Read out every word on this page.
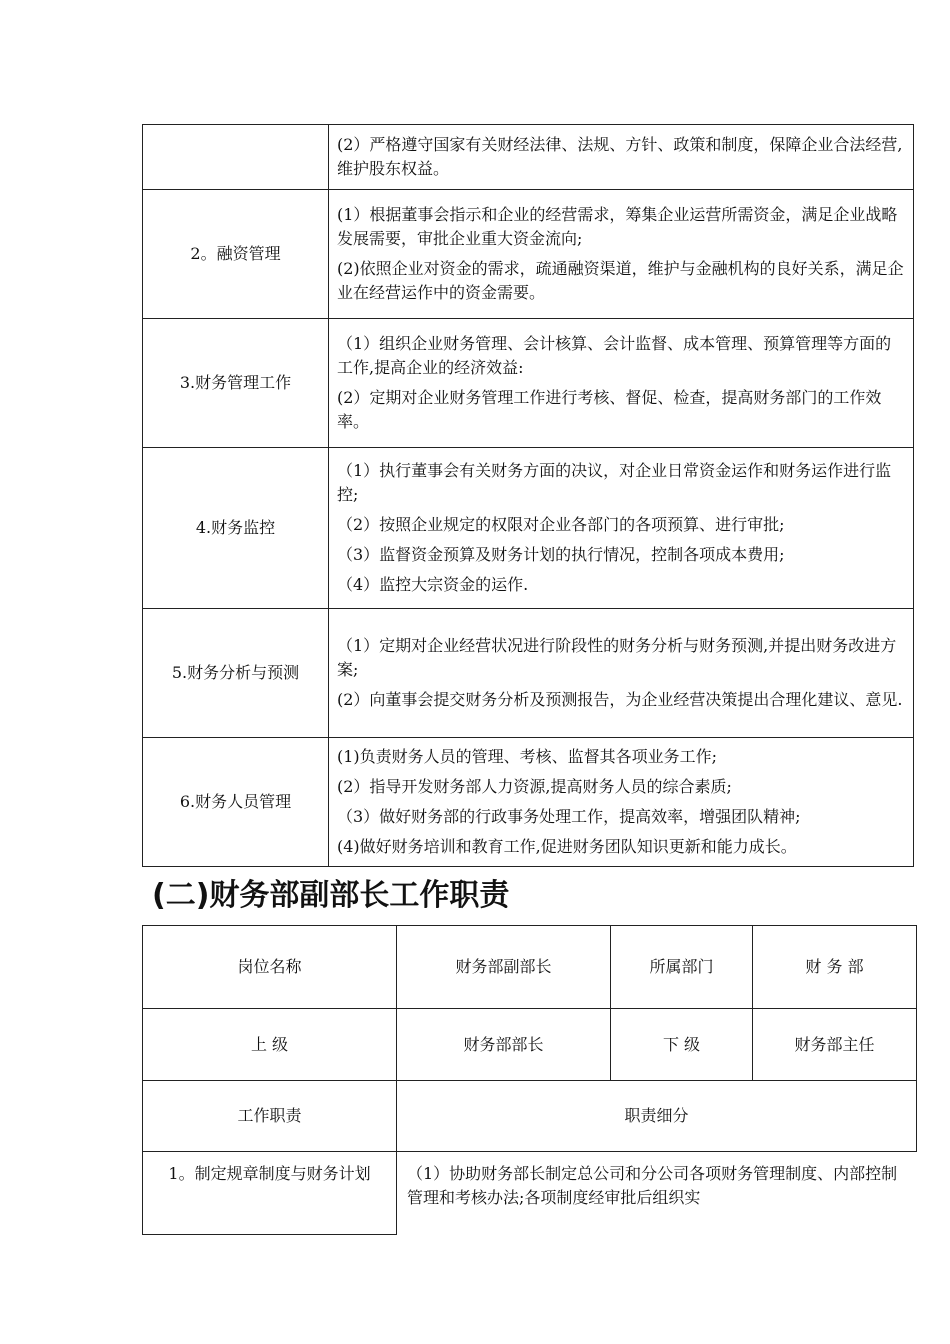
	(2）严格遵守国家有关财经法律、法规、方针、政策和制度，保障企业合法经营,维护股东权益。

2。融资管理	(1）根据董事会指示和企业的经营需求，筹集企业运营所需资金，满足企业战略发展需要，审批企业重大资金流向;

(2)依照企业对资金的需求，疏通融资渠道，维护与金融机构的良好关系，满足企业在经营运作中的资金需要。

3.财务管理工作	（1）组织企业财务管理、会计核算、会计监督、成本管理、预算管理等方面的工作,提高企业的经济效益:

(2）定期对企业财务管理工作进行考核、督促、检查，提高财务部门的工作效率。

4.财务监控	（1）执行董事会有关财务方面的决议，对企业日常资金运作和财务运作进行监控;

（2）按照企业规定的权限对企业各部门的各项预算、进行审批;

（3）监督资金预算及财务计划的执行情况，控制各项成本费用;

（4）监控大宗资金的运作.

5.财务分析与预测	（1）定期对企业经营状况进行阶段性的财务分析与财务预测,并提出财务改进方案;

(2）向董事会提交财务分析及预测报告，为企业经营决策提出合理化建议、意见.

6.财务人员管理	(1)负责财务人员的管理、考核、监督其各项业务工作;

(2）指导开发财务部人力资源,提高财务人员的综合素质;

（3）做好财务部的行政事务处理工作，提高效率，增强团队精神;

(4)做好财务培训和教育工作,促进财务团队知识更新和能力成长。

(二)财务部副部长工作职责
岗位名称	财务部副部长	所属部门	财 务 部
上 级	财务部部长	下 级	财务部主任
工作职责	职责细分		
1。制定规章制度与财务计划	（1）协助财务部长制定总公司和分公司各项财务管理制度、内部控制管理和考核办法;各项制度经审批后组织实		
